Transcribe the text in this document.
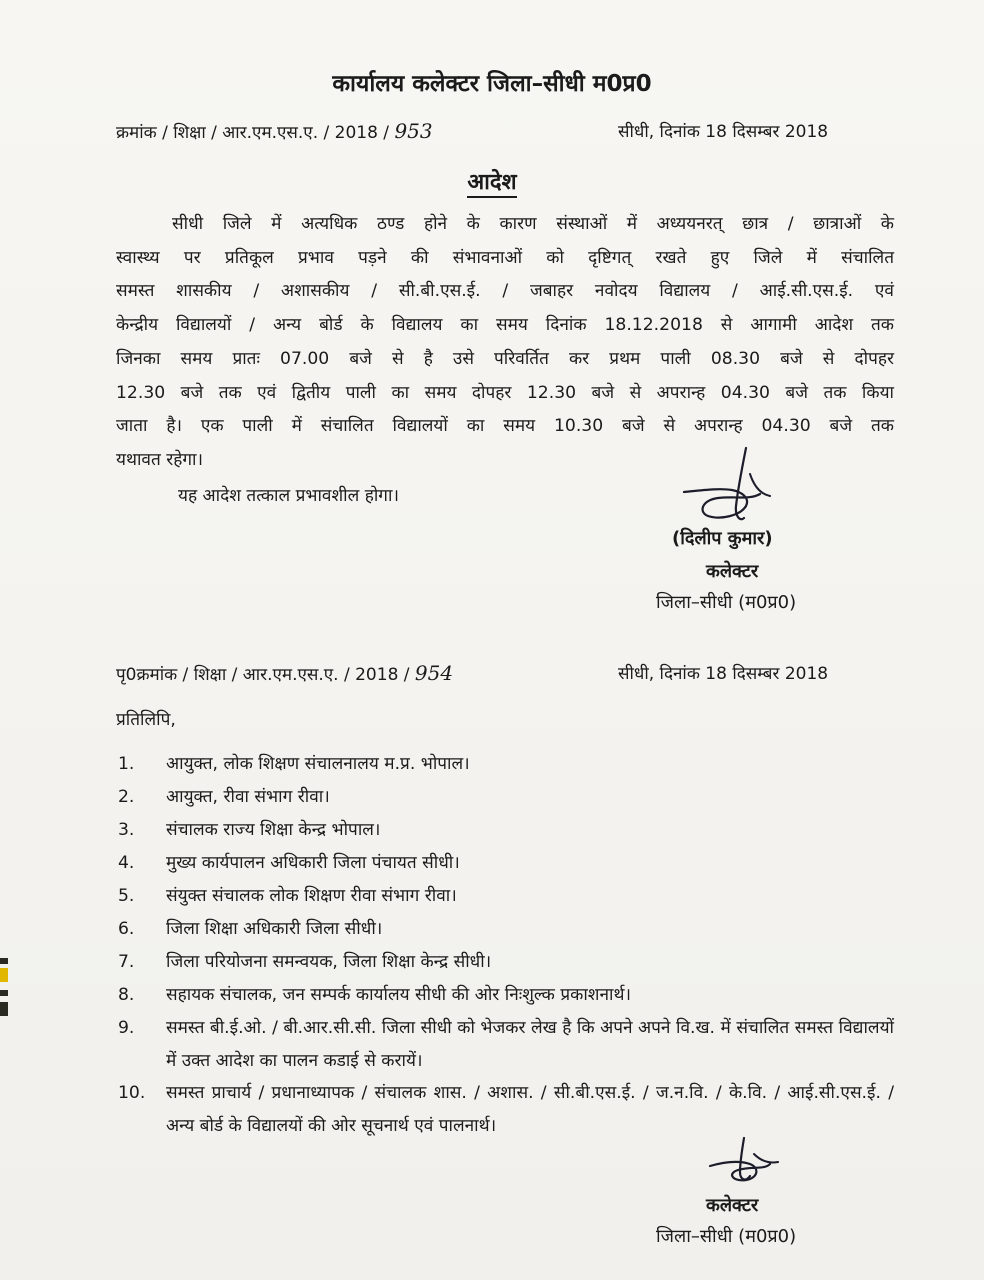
कार्यालय कलेक्टर जिला–सीधी म0प्र0
क्रमांक / शिक्षा / आर.एम.एस.ए. / 2018 / 953	सीधी, दिनांक 18 दिसम्बर 2018
आदेश
सीधी जिले में अत्यधिक ठण्ड होने के कारण संस्थाओं में अध्ययनरत् छात्र / छात्राओं के
स्वास्थ्य पर प्रतिकूल प्रभाव पड़ने की संभावनाओं को दृष्टिगत् रखते हुए जिले में संचालित
समस्त शासकीय / अशासकीय / सी.बी.एस.ई. / जबाहर नवोदय विद्यालय / आई.सी.एस.ई. एवं
केन्द्रीय विद्यालयों / अन्य बोर्ड के विद्यालय का समय दिनांक 18.12.2018 से आगामी आदेश तक
जिनका समय प्रातः 07.00 बजे से है उसे परिवर्तित कर प्रथम पाली 08.30 बजे से दोपहर
12.30 बजे तक एवं द्वितीय पाली का समय दोपहर 12.30 बजे से अपरान्ह 04.30 बजे तक किया
जाता है। एक पाली में संचालित विद्यालयों का समय 10.30 बजे से अपरान्ह 04.30 बजे तक
यथावत रहेगा।
यह आदेश तत्काल प्रभावशील होगा।
(दिलीप कुमार)
कलेक्टर
जिला–सीधी (म0प्र0)
पृ0क्रमांक / शिक्षा / आर.एम.एस.ए. / 2018 / 954	सीधी, दिनांक 18 दिसम्बर 2018
प्रतिलिपि,
1.	आयुक्त, लोक शिक्षण संचालनालय म.प्र. भोपाल।
2.	आयुक्त, रीवा संभाग रीवा।
3.	संचालक राज्य शिक्षा केन्द्र भोपाल।
4.	मुख्य कार्यपालन अधिकारी जिला पंचायत सीधी।
5.	संयुक्त संचालक लोक शिक्षण रीवा संभाग रीवा।
6.	जिला शिक्षा अधिकारी जिला सीधी।
7.	जिला परियोजना समन्वयक, जिला शिक्षा केन्द्र सीधी।
8.	सहायक संचालक, जन सम्पर्क कार्यालय सीधी की ओर निःशुल्क प्रकाशनार्थ।
9.	समस्त बी.ई.ओ. / बी.आर.सी.सी. जिला सीधी को भेजकर लेख है कि अपने अपने वि.ख. में संचालित समस्त विद्यालयों में उक्त आदेश का पालन कडाई से करायें।
10.	समस्त प्राचार्य / प्रधानाध्यापक / संचालक शास. / अशास. / सी.बी.एस.ई. / ज.न.वि. / के.वि. / आई.सी.एस.ई. / अन्य बोर्ड के विद्यालयों की ओर सूचनार्थ एवं पालनार्थ।
कलेक्टर
जिला–सीधी (म0प्र0)
